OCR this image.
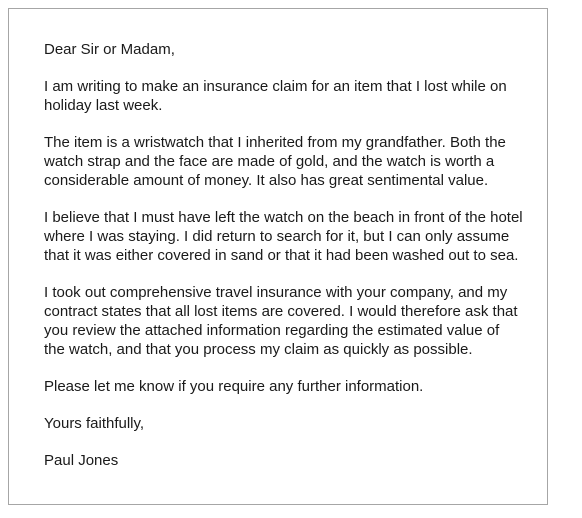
Dear Sir or Madam,

I am writing to make an insurance claim for an item that I lost while on holiday last week.

The item is a wristwatch that I inherited from my grandfather. Both the watch strap and the face are made of gold, and the watch is worth a considerable amount of money. It also has great sentimental value.

I believe that I must have left the watch on the beach in front of the hotel where I was staying. I did return to search for it, but I can only assume that it was either covered in sand or that it had been washed out to sea.

I took out comprehensive travel insurance with your company, and my contract states that all lost items are covered. I would therefore ask that you review the attached information regarding the estimated value of the watch, and that you process my claim as quickly as possible.

Please let me know if you require any further information.

Yours faithfully,

Paul Jones
